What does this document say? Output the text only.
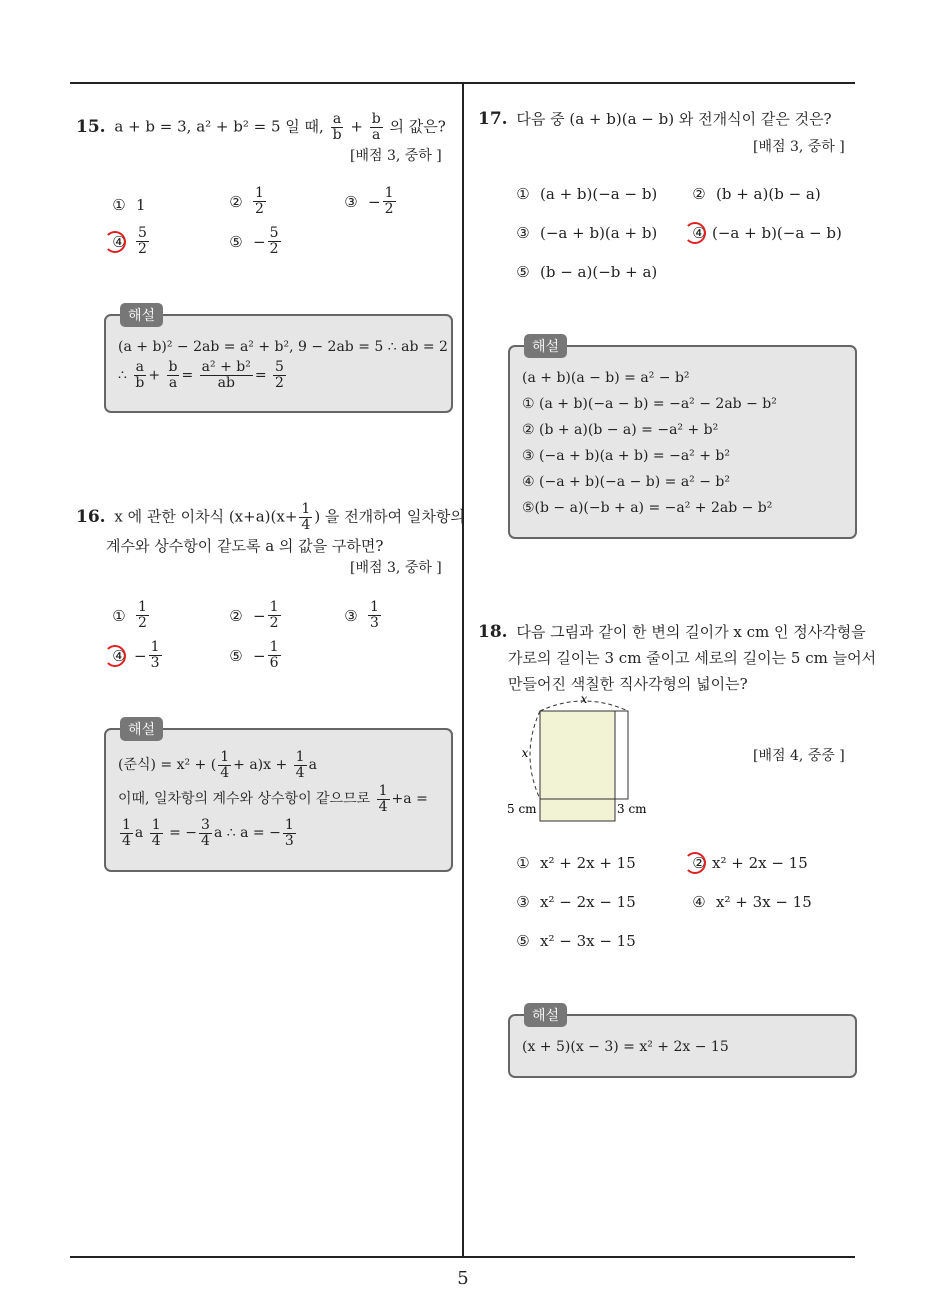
15. a + b = 3, a² + b² = 5 일 때, $\frac{a}{b} + \frac{b}{a}$ 의 값은?
[배점 3, 중하 ]
① 1	② $\frac{1}{2}$	③ − $\frac{1}{2}$
④ $\frac{5}{2}$	⑤ − $\frac{5}{2}$
해설
(a + b)² − 2ab = a² + b², 9 − 2ab = 5 ∴ ab = 2
∴ $\frac{a}{b} + \frac{b}{a} = \frac{\text{a² + b²}}{ab} = \frac{5}{2}$
16. x 에 관한 이차식 $(x+a)(x+ \frac{1}{4}$ ) 을 전개하여 일차항의
계수와 상수항이 같도록 a 의 값을 구하면?
[배점 3, 중하 ]
① $\frac{1}{2}$	② − $\frac{1}{2}$	③ $\frac{1}{3}$
④ − $\frac{1}{3}$	⑤ − $\frac{1}{6}$
해설
(준식) = x² + ( $\frac{1}{4} + a)x + \frac{1}{4}$ a
이때, 일차항의 계수와 상수항이 같으므로 $\frac{1}{4} +a$ =
$\frac{1}{4}$ a $\frac{1}{4}$ = − $\frac{3}{4}$ a ∴ a = − $\frac{1}{3}$
17. 다음 중 (a + b)(a − b) 와 전개식이 같은 것은?
[배점 3, 중하 ]
① (a + b)(−a − b) ② (b + a)(b − a)
③ (−a + b)(a + b) ④ (−a + b)(−a − b)
⑤ (b − a)(−b + a)
해설
(a + b)(a − b) = a² − b²
① (a + b)(−a − b) = −a² − 2ab − b²
② (b + a)(b − a) = −a² + b²
③ (−a + b)(a + b) = −a² + b²
④ (−a + b)(−a − b) = a² − b²
⑤(b − a)(−b + a) = −a² + 2ab − b²
18. 다음 그림과 같이 한 변의 길이가 x cm 인 정사각형을
가로의 길이는 3 cm 줄이고 세로의 길이는 5 cm 늘어서
만들어진 색칠한 직사각형의 넓이는?
x
x
5 cm	3 cm
[배점 4, 중중 ]
① x² + 2x + 15	② x² + 2x − 15
③ x² − 2x − 15	④ x² + 3x − 15
⑤ x² − 3x − 15
해설
(x + 5)(x − 3) = x² + 2x − 15
5
